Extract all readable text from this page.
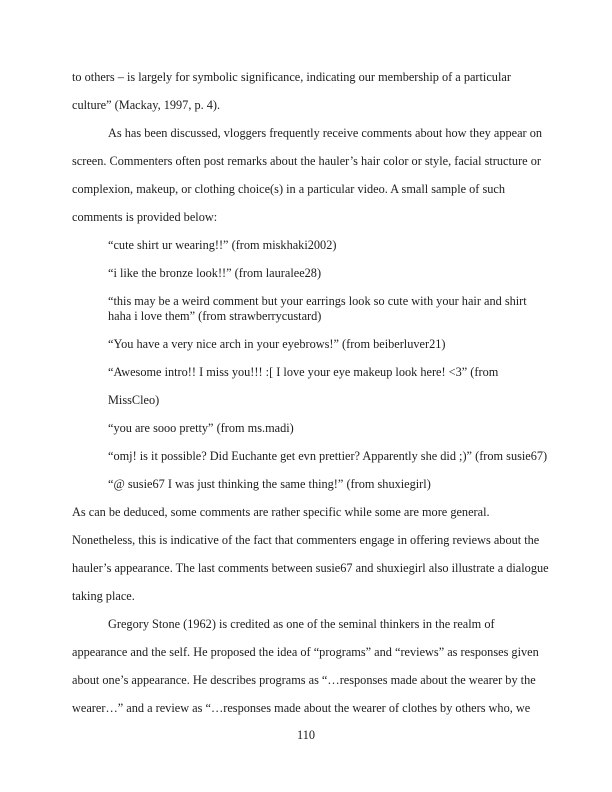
to others – is largely for symbolic significance, indicating our membership of a particular
culture” (Mackay, 1997, p. 4).
As has been discussed, vloggers frequently receive comments about how they appear on
screen. Commenters often post remarks about the hauler’s hair color or style, facial structure or
complexion, makeup, or clothing choice(s) in a particular video. A small sample of such
comments is provided below:
“cute shirt ur wearing!!” (from miskhaki2002)
“i like the bronze look!!” (from lauralee28)
“this may be a weird comment but your earrings look so cute with your hair and shirt
haha i love them” (from strawberrycustard)
“You have a very nice arch in your eyebrows!” (from beiberluver21)
“Awesome intro!! I miss you!!! :[ I love your eye makeup look here! <3” (from
MissCleo)
“you are sooo pretty” (from ms.madi)
“omj! is it possible? Did Euchante get evn prettier? Apparently she did ;)” (from susie67)
“@ susie67 I was just thinking the same thing!” (from shuxiegirl)
As can be deduced, some comments are rather specific while some are more general.
Nonetheless, this is indicative of the fact that commenters engage in offering reviews about the
hauler’s appearance. The last comments between susie67 and shuxiegirl also illustrate a dialogue
taking place.
Gregory Stone (1962) is credited as one of the seminal thinkers in the realm of
appearance and the self. He proposed the idea of “programs” and “reviews” as responses given
about one’s appearance. He describes programs as “…responses made about the wearer by the
wearer…” and a review as “…responses made about the wearer of clothes by others who, we
110
